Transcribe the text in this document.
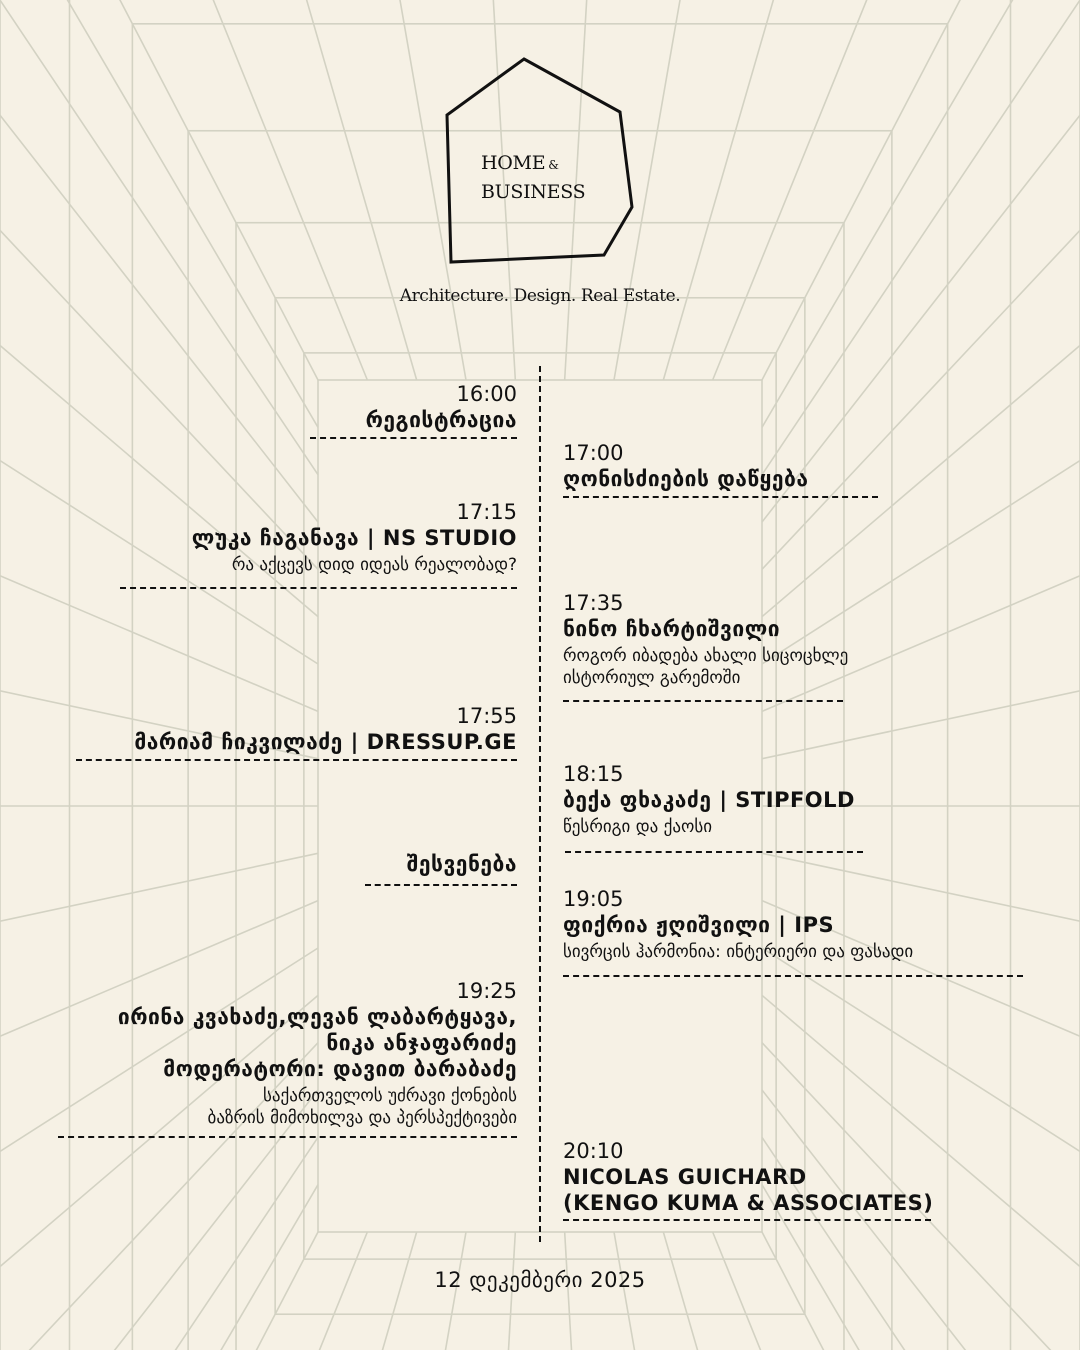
HOME &
BUSINESS
Architecture. Design. Real Estate.
16:00
რეგისტრაცია
17:15
ლუკა ჩაგანავა | NS STUDIO
რა აქცევს დიდ იდეას რეალობად?
17:55
მარიამ ჩიკვილაძე | DRESSUP.GE
შესვენება
19:25
ირინა კვახაძე,ლევან ლაბარტყავა,
ნიკა ანჯაფარიძე
მოდერატორი: დავით ბარაბაძე
საქართველოს უძრავი ქონების
ბაზრის მიმოხილვა და პერსპექტივები
17:00
ღონისძიების დაწყება
17:35
ნინო ჩხარტიშვილი
როგორ იბადება ახალი სიცოცხლე
ისტორიულ გარემოში
18:15
ბექა ფხაკაძე | STIPFOLD
წესრიგი და ქაოსი
19:05
ფიქრია ჟღიშვილი | IPS
სივრცის ჰარმონია: ინტერიერი და ფასადი
20:10
NICOLAS GUICHARD
(KENGO KUMA & ASSOCIATES)
12 დეკემბერი 2025
